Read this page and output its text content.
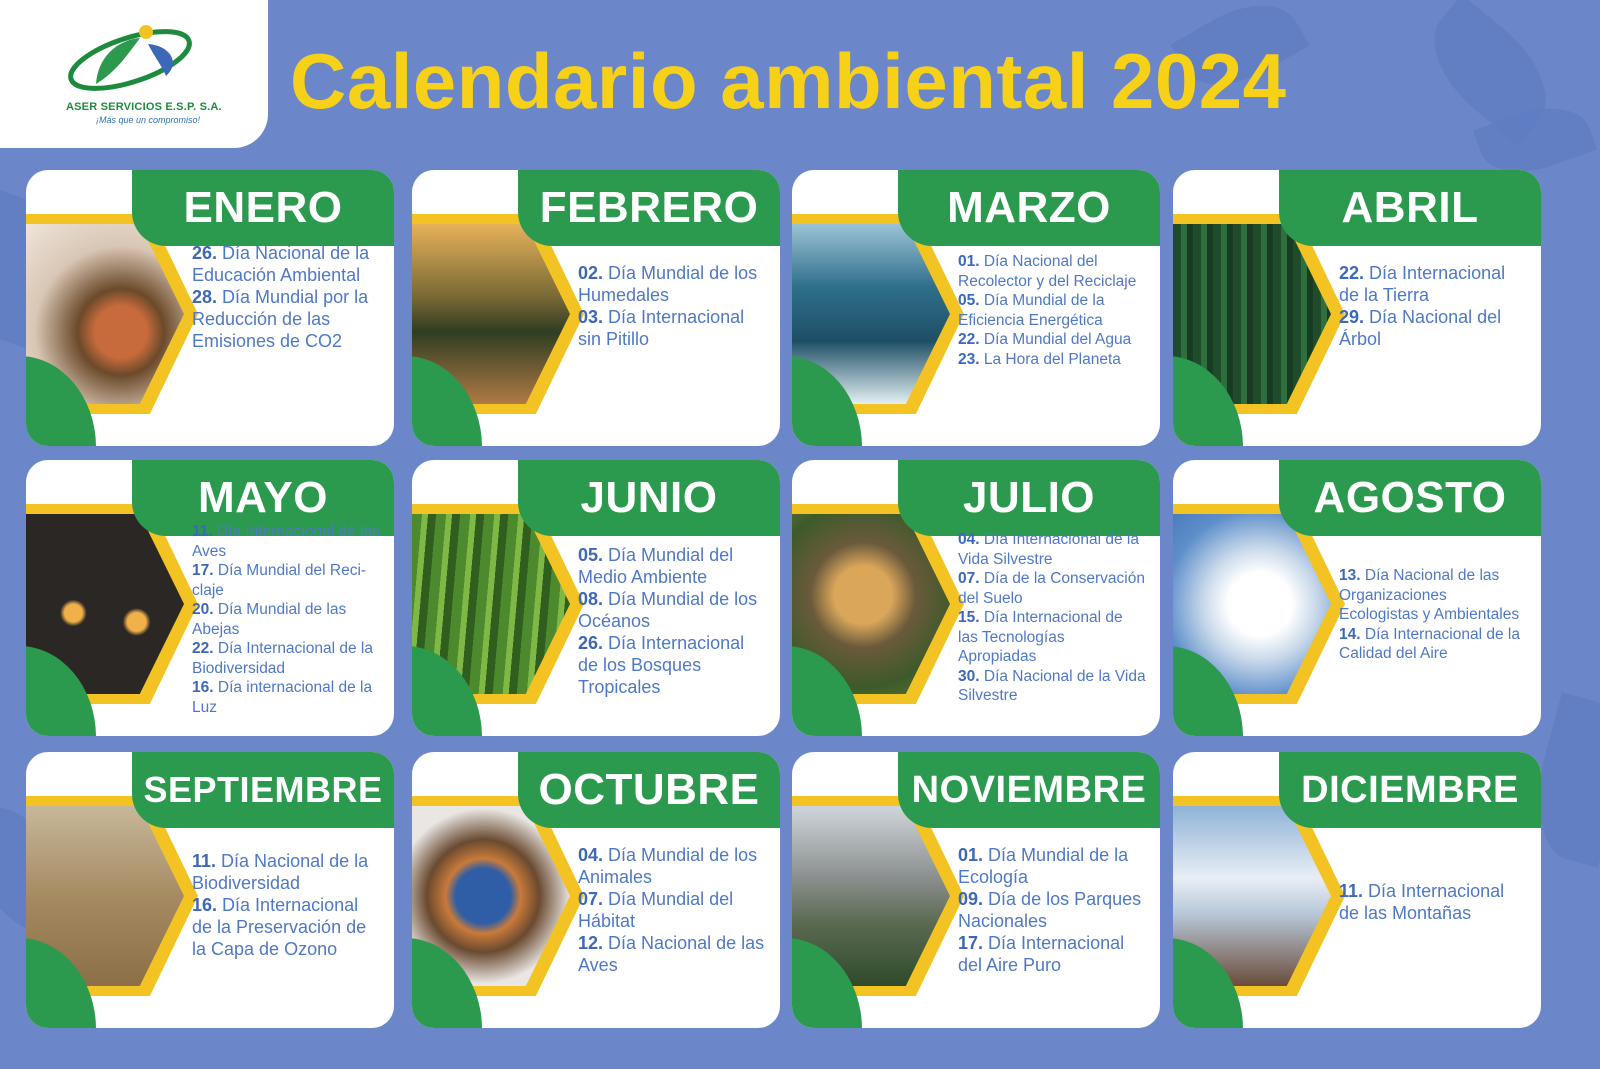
ASER SERVICIOS E.S.P. S.A.
¡Más que un compromiso! Calendario ambiental 2024
ENERO
26. Día Nacional de la Educación Ambiental
28. Día Mundial por la Reducción de las Emisiones de CO2
FEBRERO
02. Día Mundial de los Humedales
03. Día Internacional sin Pitillo
MARZO
01. Día Nacional del Recolector y del Reciclaje
05. Día Mundial de la Eficiencia Energética
22. Día Mundial del Agua
23. La Hora del Planeta
ABRIL
22. Día Internacional de la Tierra
29. Día Nacional del Árbol
MAYO
11. Día Internacional de las Aves
17. Día Mundial del Reci-claje
20. Día Mundial de las Abejas
22. Día Internacional de la Biodiversidad
16. Día internacional de la Luz
JUNIO
05. Día Mundial del Medio Ambiente
08. Día Mundial de los Océanos
26. Día Internacional de los Bosques Tropicales
JULIO
04. Día Internacional de la Vida Silvestre
07. Día de la Conservación del Suelo
15. Día Internacional de las Tecnologías Apropiadas
30. Día Nacional de la Vida Silvestre
AGOSTO
13. Día Nacional de las Organizaciones Ecologistas y Ambientales
14. Día Internacional de la Calidad del Aire
SEPTIEMBRE
11. Día Nacional de la Biodiversidad
16. Día Internacional de la Preservación de la Capa de Ozono
OCTUBRE
04. Día Mundial de los Animales
07. Día Mundial del Hábitat
12. Día Nacional de las Aves
NOVIEMBRE
01. Día Mundial de la Ecología
09. Día de los Parques Nacionales
17. Día Internacional del Aire Puro
DICIEMBRE
11. Día Internacional de las Montañas
